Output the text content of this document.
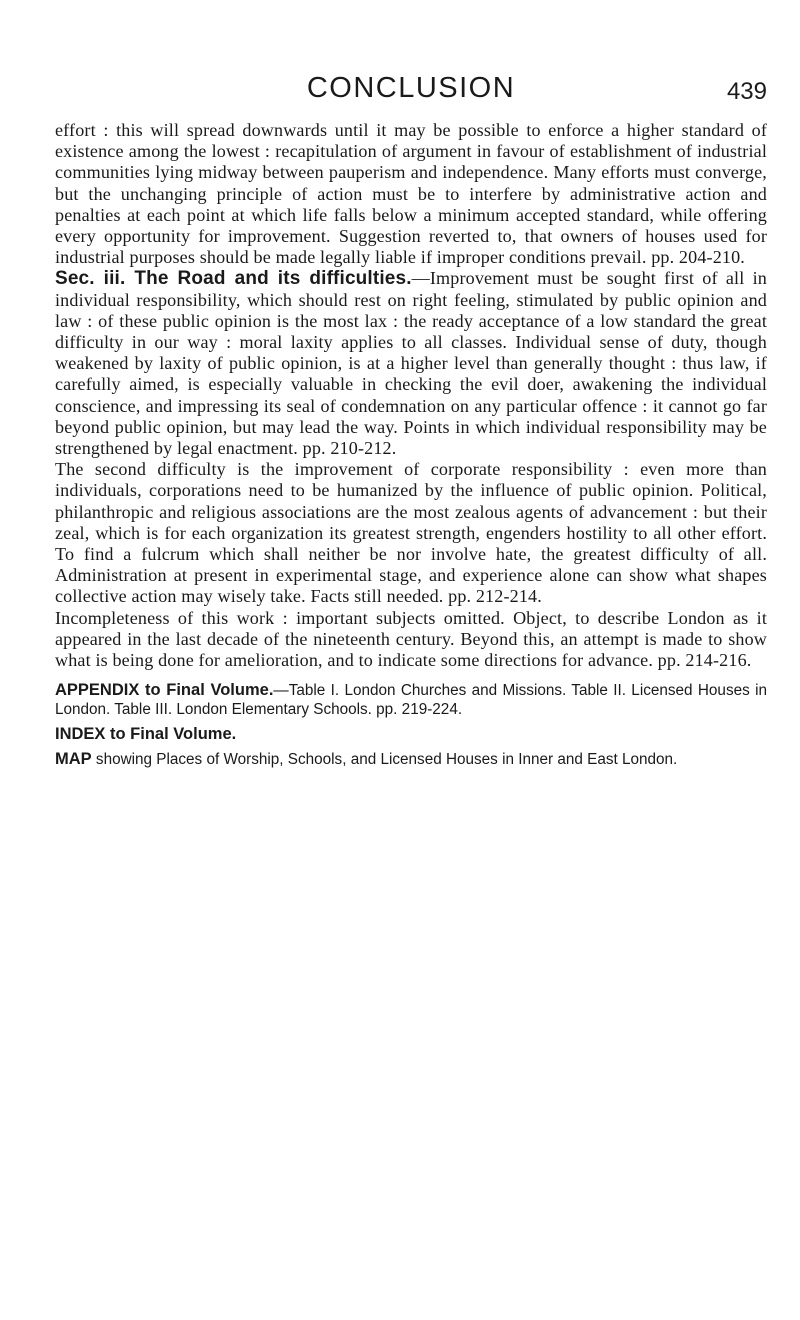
CONCLUSION	439

effort : this will spread downwards until it may be possible to enforce a higher standard of existence among the lowest : recapitulation of argument in favour of establishment of industrial communities lying midway between pauperism and independence. Many efforts must converge, but the unchanging principle of action must be to interfere by administrative action and penalties at each point at which life falls below a minimum accepted standard, while offering every opportunity for improvement. Suggestion reverted to, that owners of houses used for industrial purposes should be made legally liable if improper conditions prevail. pp. 204-210.

Sec. iii. The Road and its difficulties.—Improvement must be sought first of all in individual responsibility, which should rest on right feeling, stimulated by public opinion and law : of these public opinion is the most lax : the ready acceptance of a low standard the great difficulty in our way : moral laxity applies to all classes. Individual sense of duty, though weakened by laxity of public opinion, is at a higher level than generally thought : thus law, if carefully aimed, is especially valuable in checking the evil doer, awakening the individual conscience, and impressing its seal of condemnation on any particular offence : it cannot go far beyond public opinion, but may lead the way. Points in which individual responsibility may be strengthened by legal enactment. pp. 210-212.

The second difficulty is the improvement of corporate responsibility : even more than individuals, corporations need to be humanized by the influence of public opinion. Political, philanthropic and religious associations are the most zealous agents of advancement : but their zeal, which is for each organization its greatest strength, engenders hostility to all other effort. To find a fulcrum which shall neither be nor involve hate, the greatest difficulty of all. Administration at present in experimental stage, and experience alone can show what shapes collective action may wisely take. Facts still needed. pp. 212-214.

Incompleteness of this work : important subjects omitted. Object, to describe London as it appeared in the last decade of the nineteenth century. Beyond this, an attempt is made to show what is being done for amelioration, and to indicate some directions for advance. pp. 214-216.

APPENDIX to Final Volume.—Table I. London Churches and Missions. Table II. Licensed Houses in London. Table III. London Elementary Schools. pp. 219-224.

INDEX to Final Volume.

MAP showing Places of Worship, Schools, and Licensed Houses in Inner and East London.
